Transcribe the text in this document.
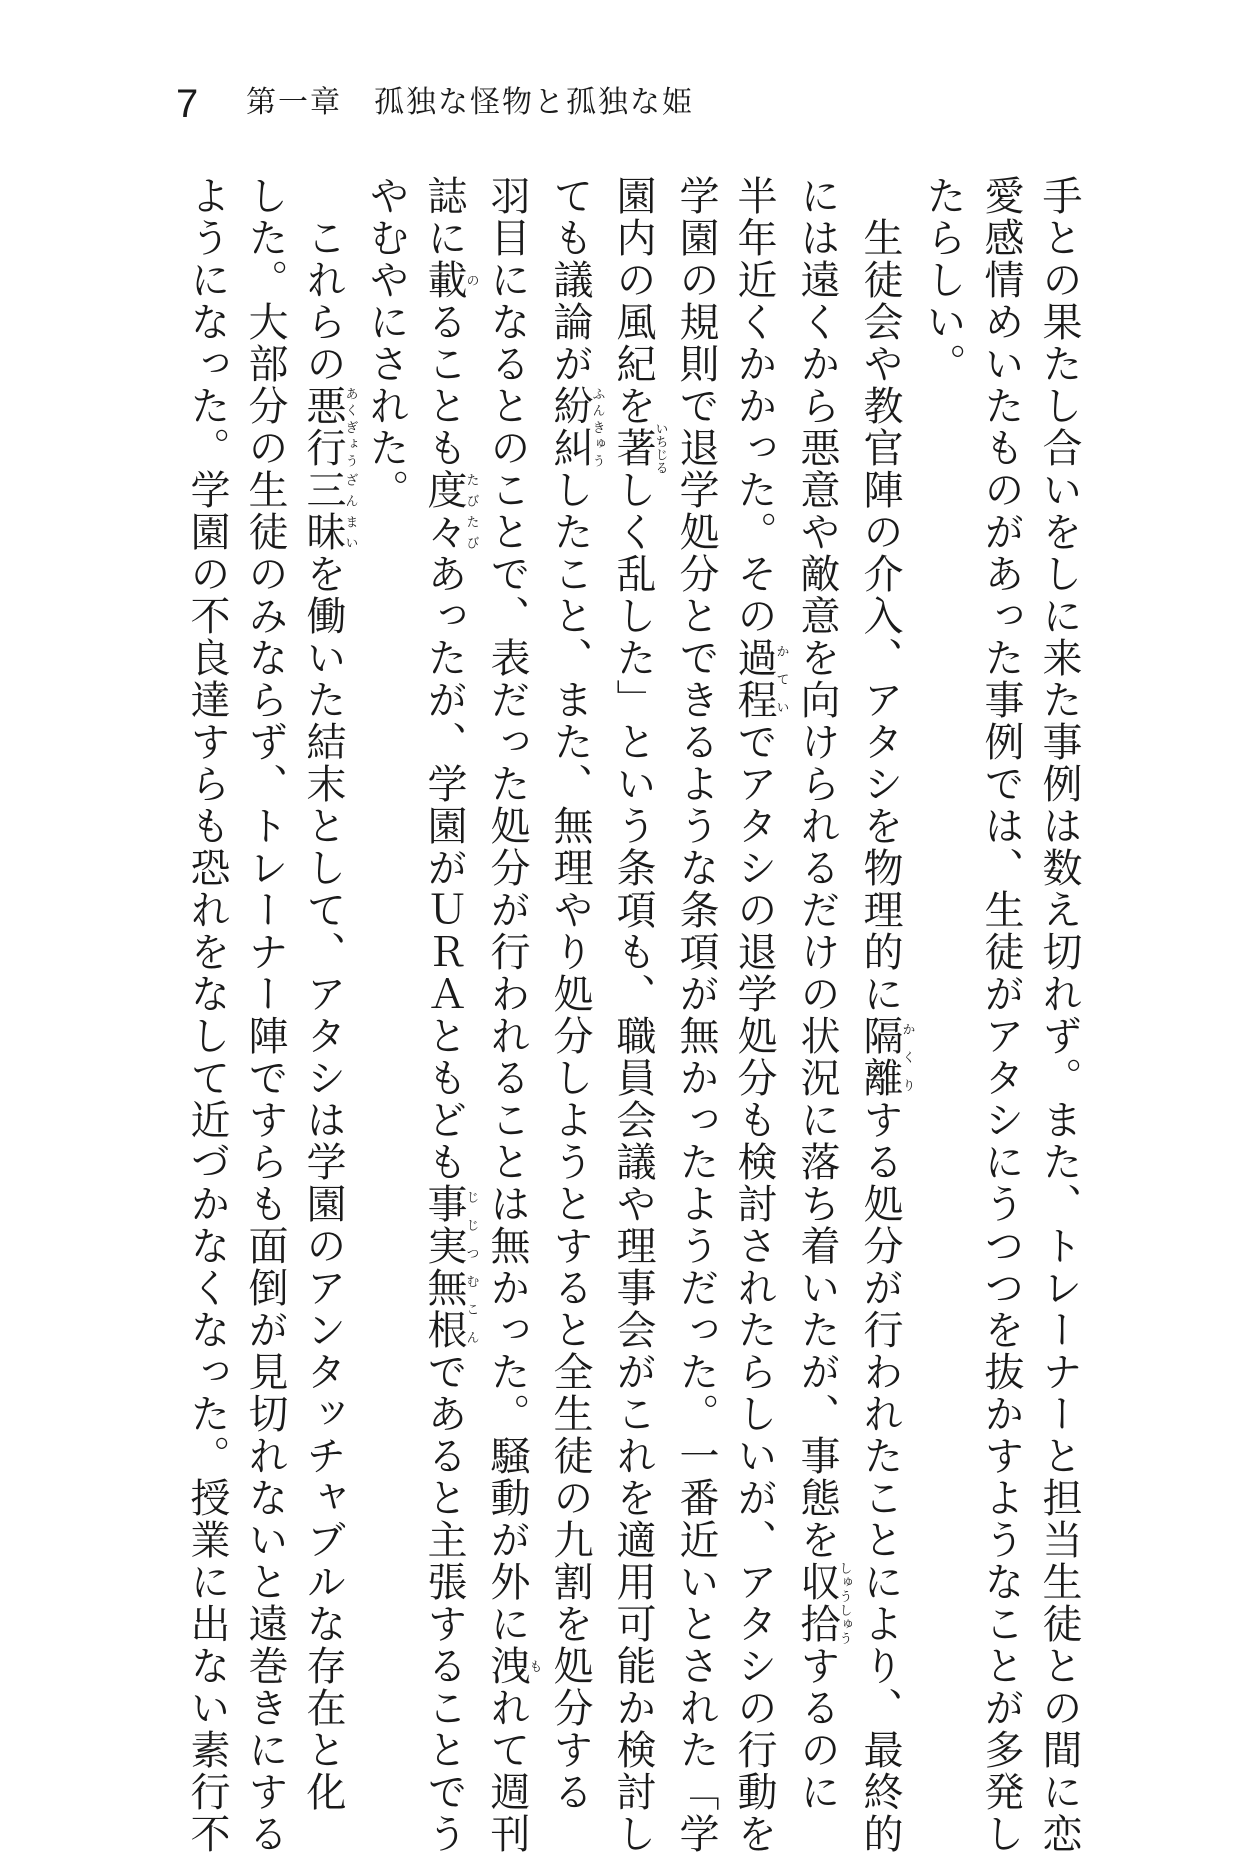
7 第一章　孤独な怪物と孤独な姫
手との果たし合いをしに来た事例は数え切れず。また、トレーナーと担当生徒との間に恋
愛感情めいたものがあった事例では、生徒がアタシにうつつを抜かすようなことが多発し
たらしい。
　生徒会や教官陣の介入、アタシを物理的に隔離かくりする処分が行われたことにより、最終的
には遠くから悪意や敵意を向けられるだけの状況に落ち着いたが、事態を収拾しゅうしゅうするのに
半年近くかかった。その過程かていでアタシの退学処分も検討されたらしいが、アタシの行動を
学園の規則で退学処分とできるような条項が無かったようだった。一番近いとされた「学
園内の風紀を著いちじるしく乱した」という条項も、職員会議や理事会がこれを適用可能か検討し
ても議論が紛糾ふんきゅうしたこと、また、無理やり処分しようとすると全生徒の九割を処分する
羽目になるとのことで、表だった処分が行われることは無かった。騒動が外に洩もれて週刊
誌に載のることも度々たびたびあったが、学園がＵＲＡともども事実無根じじつむこんであると主張することでう
やむやにされた。
　これらの悪行あくぎょう三昧ざんまいを働いた結末として、アタシは学園のアンタッチャブルな存在と化
した。大部分の生徒のみならず、トレーナー陣ですらも面倒が見切れないと遠巻きにする
ようになった。学園の不良達すらも恐れをなして近づかなくなった。授業に出ない素行不
